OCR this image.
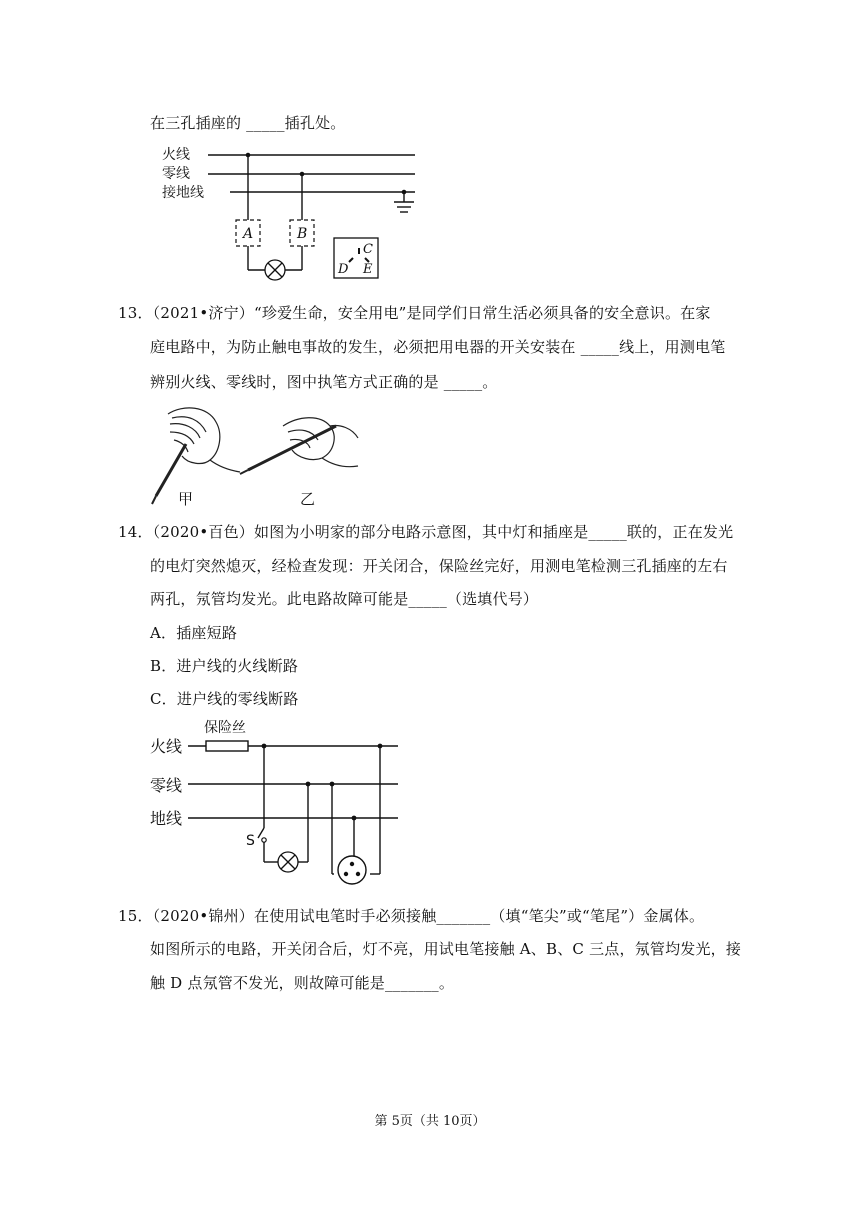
在三孔插座的 _____插孔处。
火线
零线
接地线
A	B
C
D E
13．（2021•济宁）“珍爱生命，安全用电”是同学们日常生活必须具备的安全意识。在家
庭电路中，为防止触电事故的发生，必须把用电器的开关安装在 _____线上，用测电笔
辨别火线、零线时，图中执笔方式正确的是 _____。
甲	乙
14．（2020•百色）如图为小明家的部分电路示意图，其中灯和插座是_____联的，正在发光
的电灯突然熄灭，经检查发现：开关闭合，保险丝完好，用测电笔检测三孔插座的左右
两孔，氖管均发光。此电路故障可能是_____（选填代号）
A．插座短路
B．进户线的火线断路
C．进户线的零线断路
保险丝
火线
零线
地线
S
15．（2020•锦州）在使用试电笔时手必须接触_______（填“笔尖”或“笔尾”）金属体。
如图所示的电路，开关闭合后，灯不亮，用试电笔接触 A、B、C 三点，氖管均发光，接
触 D 点氖管不发光，则故障可能是_______。
第 5页（共 10页）
